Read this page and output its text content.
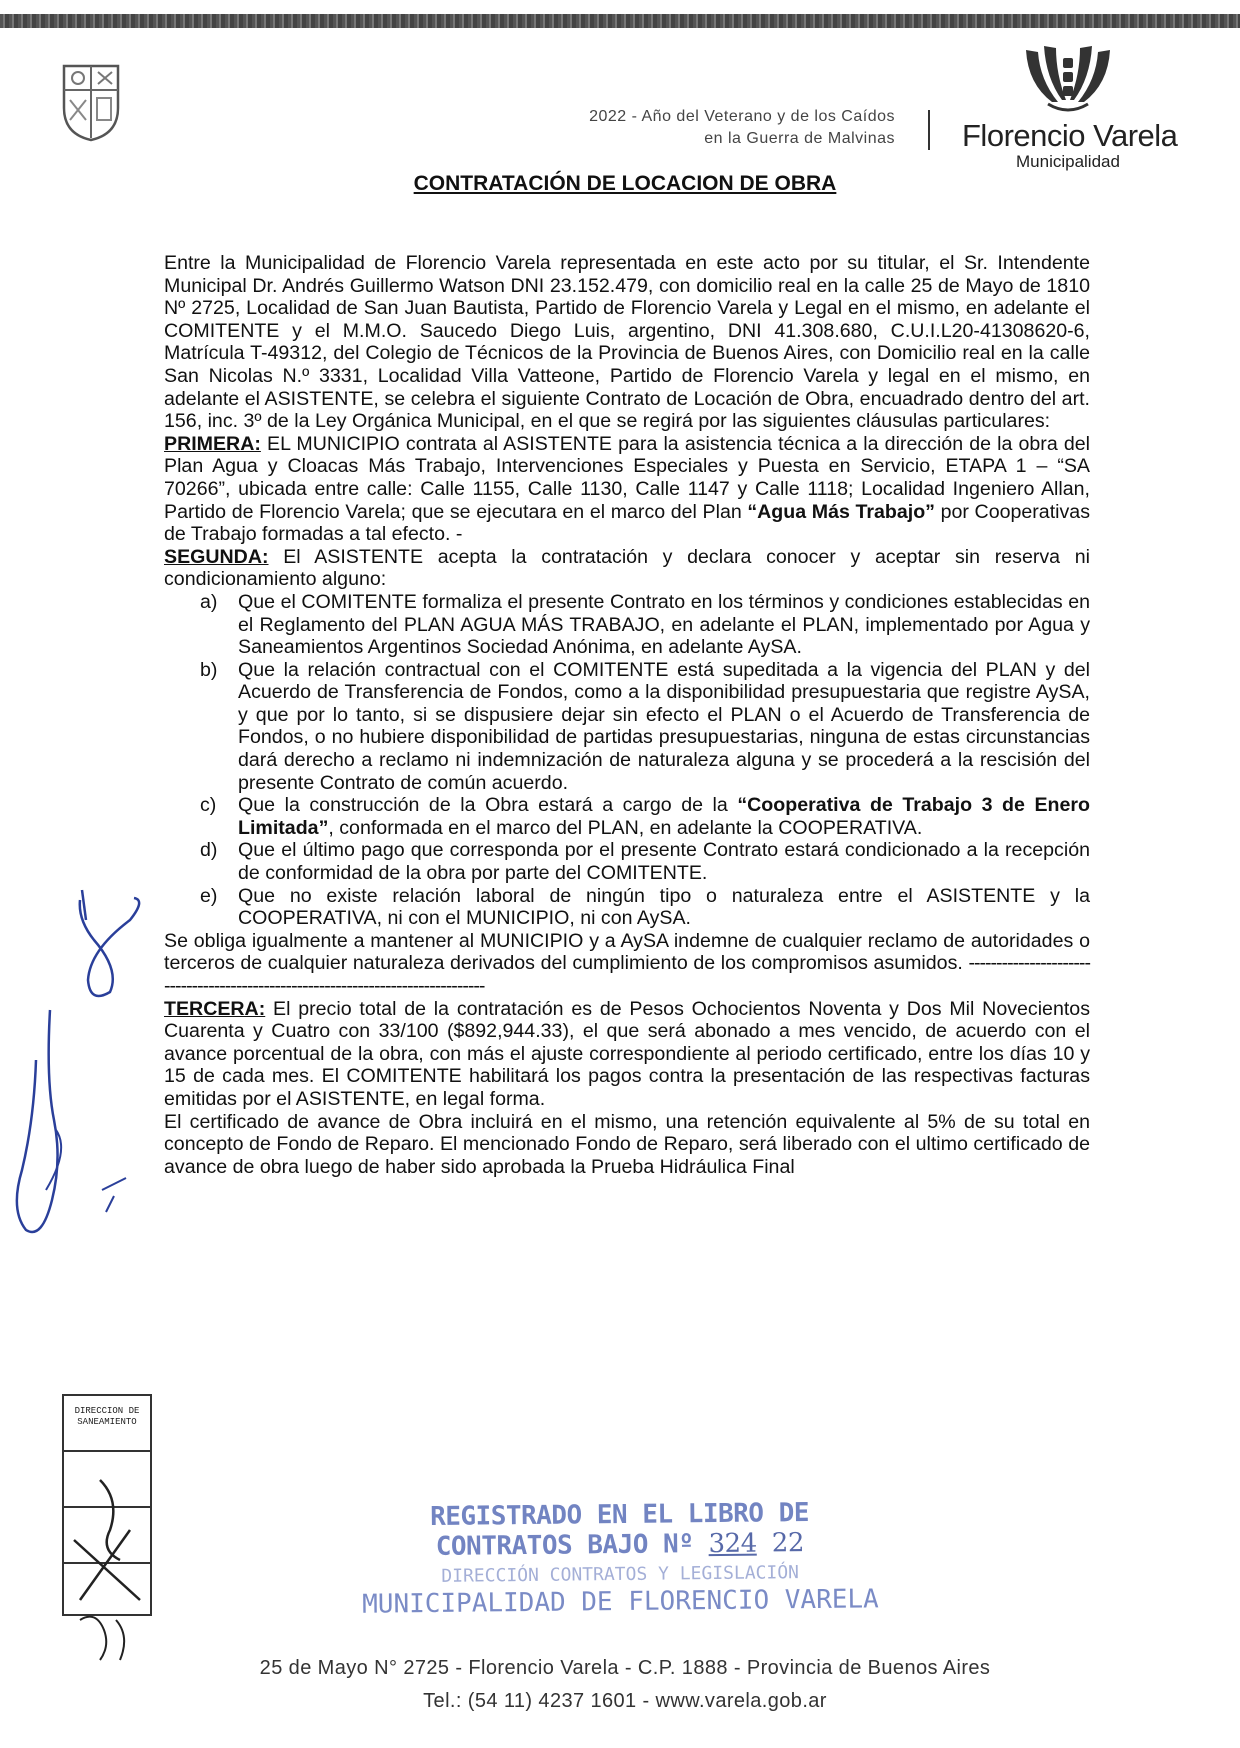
2022 - Año del Veterano y de los Caídos
en la Guerra de Malvinas Florencio Varela
Municipalidad
CONTRATACIÓN DE LOCACION DE OBRA

Entre la Municipalidad de Florencio Varela representada en este acto por su titular, el Sr. Intendente Municipal Dr. Andrés Guillermo Watson DNI 23.152.479, con domicilio real en la calle 25 de Mayo de 1810 Nº 2725, Localidad de San Juan Bautista, Partido de Florencio Varela y Legal en el mismo, en adelante el COMITENTE y el M.M.O. Saucedo Diego Luis, argentino, DNI 41.308.680, C.U.I.L20-41308620-6, Matrícula T-49312, del Colegio de Técnicos de la Provincia de Buenos Aires, con Domicilio real en la calle San Nicolas N.º 3331, Localidad Villa Vatteone, Partido de Florencio Varela y legal en el mismo, en adelante el ASISTENTE, se celebra el siguiente Contrato de Locación de Obra, encuadrado dentro del art. 156, inc. 3º de la Ley Orgánica Municipal, en el que se regirá por las siguientes cláusulas particulares:

PRIMERA: EL MUNICIPIO contrata al ASISTENTE para la asistencia técnica a la dirección de la obra del Plan Agua y Cloacas Más Trabajo, Intervenciones Especiales y Puesta en Servicio, ETAPA 1 – “SA 70266”, ubicada entre calle: Calle 1155, Calle 1130, Calle 1147 y Calle 1118; Localidad Ingeniero Allan, Partido de Florencio Varela; que se ejecutara en el marco del Plan “Agua Más Trabajo” por Cooperativas de Trabajo formadas a tal efecto. -

SEGUNDA: El ASISTENTE acepta la contratación y declara conocer y aceptar sin reserva ni condicionamiento alguno:

a) Que el COMITENTE formaliza el presente Contrato en los términos y condiciones establecidas en el Reglamento del PLAN AGUA MÁS TRABAJO, en adelante el PLAN, implementado por Agua y Saneamientos Argentinos Sociedad Anónima, en adelante AySA.
b) Que la relación contractual con el COMITENTE está supeditada a la vigencia del PLAN y del Acuerdo de Transferencia de Fondos, como a la disponibilidad presupuestaria que registre AySA, y que por lo tanto, si se dispusiere dejar sin efecto el PLAN o el Acuerdo de Transferencia de Fondos, o no hubiere disponibilidad de partidas presupuestarias, ninguna de estas circunstancias dará derecho a reclamo ni indemnización de naturaleza alguna y se procederá a la rescisión del presente Contrato de común acuerdo.
c) Que la construcción de la Obra estará a cargo de la “Cooperativa de Trabajo 3 de Enero Limitada”, conformada en el marco del PLAN, en adelante la COOPERATIVA.
d) Que el último pago que corresponda por el presente Contrato estará condicionado a la recepción de conformidad de la obra por parte del COMITENTE.
e) Que no existe relación laboral de ningún tipo o naturaleza entre el ASISTENTE y la COOPERATIVA, ni con el MUNICIPIO, ni con AySA.

Se obliga igualmente a mantener al MUNICIPIO y a AySA indemne de cualquier reclamo de autoridades o terceros de cualquier naturaleza derivados del cumplimiento de los compromisos asumidos. --------------------------------------------------------------------------------

TERCERA: El precio total de la contratación es de Pesos Ochocientos Noventa y Dos Mil Novecientos Cuarenta y Cuatro con 33/100 ($892,944.33), el que será abonado a mes vencido, de acuerdo con el avance porcentual de la obra, con más el ajuste correspondiente al periodo certificado, entre los días 10 y 15 de cada mes. El COMITENTE habilitará los pagos contra la presentación de las respectivas facturas emitidas por el ASISTENTE, en legal forma.

El certificado de avance de Obra incluirá en el mismo, una retención equivalente al 5% de su total en concepto de Fondo de Reparo. El mencionado Fondo de Reparo, será liberado con el ultimo certificado de avance de obra luego de haber sido aprobada la Prueba Hidráulica Final

DIRECCION DE SANEAMIENTO
REGISTRADO EN EL LIBRO DE CONTRATOS BAJO Nº 324 22
DIRECCIÓN CONTRATOS Y LEGISLACIÓN
MUNICIPALIDAD DE FLORENCIO VARELA
25 de Mayo N° 2725 - Florencio Varela - C.P. 1888 - Provincia de Buenos Aires
Tel.: (54 11) 4237 1601 - www.varela.gob.ar
